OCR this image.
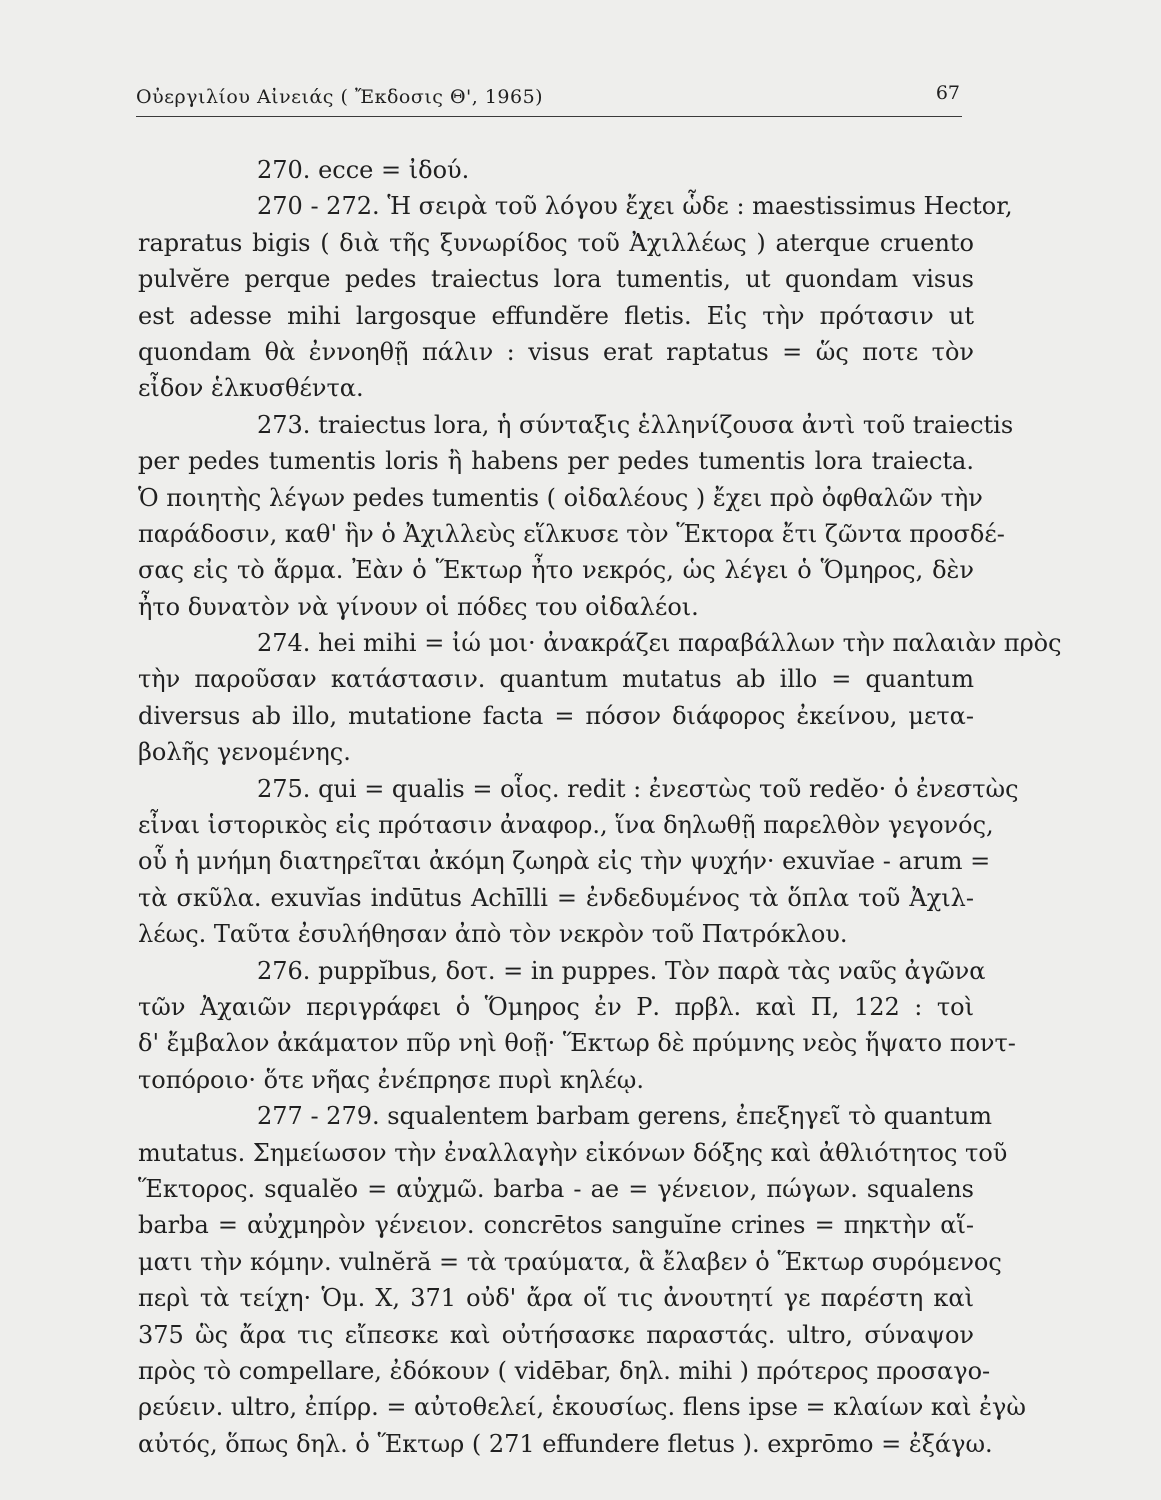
Οὐεργιλίου Αἰνειάς ( Ἔκδοσις Θ', 1965)	67
270. ecce = ἰδού.
270 - 272. Ἡ σειρὰ τοῦ λόγου ἔχει ὧδε : maestissimus Hector,
rapratus bigis ( διὰ τῆς ξυνωρίδος τοῦ Ἀχιλλέως ) aterque cruento
pulvĕre perque pedes traiectus lora tumentis, ut quondam visus
est adesse mihi largosque effundĕre fletis. Εἰς τὴν πρότασιν ut
quondam θὰ ἐννοηθῇ πάλιν : visus erat raptatus = ὥς ποτε τὸν
εἶδον ἑλκυσθέντα.
273. traiectus lora, ἡ σύνταξις ἑλληνίζουσα ἀντὶ τοῦ traiectis
per pedes tumentis loris ἢ habens per pedes tumentis lora traiecta.
Ὁ ποιητὴς λέγων pedes tumentis ( οἰδαλέους ) ἔχει πρὸ ὀφθαλῶν τὴν
παράδοσιν, καθ' ἣν ὁ Ἀχιλλεὺς εἵλκυσε τὸν Ἕκτορα ἔτι ζῶντα προσδέ-
σας εἰς τὸ ἅρμα. Ἐὰν ὁ Ἕκτωρ ἦτο νεκρός, ὡς λέγει ὁ Ὅμηρος, δὲν
ἦτο δυνατὸν νὰ γίνουν οἱ πόδες του οἰδαλέοι.
274. hei mihi = ἰώ μοι· ἀνακράζει παραβάλλων τὴν παλαιὰν πρὸς
τὴν παροῦσαν κατάστασιν. quantum mutatus ab illo = quantum
diversus ab illo, mutatione facta = πόσον διάφορος ἐκείνου, μετα-
βολῆς γενομένης.
275. qui = qualis = οἷος. redit : ἐνεστὼς τοῦ redĕo· ὁ ἐνεστὼς
εἶναι ἱστορικὸς εἰς πρότασιν ἀναφορ., ἵνα δηλωθῇ παρελθὸν γεγονός,
οὗ ἡ μνήμη διατηρεῖται ἀκόμη ζωηρὰ εἰς τὴν ψυχήν· exuvĭae - arum =
τὰ σκῦλα. exuvĭas indūtus Achīlli = ἐνδεδυμένος τὰ ὅπλα τοῦ Ἀχιλ-
λέως. Ταῦτα ἐσυλήθησαν ἀπὸ τὸν νεκρὸν τοῦ Πατρόκλου.
276. puppĭbus, δοτ. = in puppes. Τὸν παρὰ τὰς ναῦς ἀγῶνα
τῶν Ἀχαιῶν περιγράφει ὁ Ὅμηρος ἐν Ρ. πρβλ. καὶ Π, 122 : τοὶ
δ' ἔμβαλον ἀκάματον πῦρ νηὶ θοῇ· Ἕκτωρ δὲ πρύμνης νεὸς ἥψατο ποντ-
τοπόροιο· ὅτε νῆας ἐνέπρησε πυρὶ κηλέῳ.
277 - 279. squalentem barbam gerens, ἐπεξηγεῖ τὸ quantum
mutatus. Σημείωσον τὴν ἐναλλαγὴν εἰκόνων δόξης καὶ ἀθλιότητος τοῦ
Ἕκτορος. squalĕo = αὐχμῶ. barba - ae = γένειον, πώγων. squalens
barba = αὐχμηρὸν γένειον. concrētos sanguĭne crines = πηκτὴν αἵ-
ματι τὴν κόμην. vulnĕră = τὰ τραύματα, ἃ ἔλαβεν ὁ Ἕκτωρ συρόμενος
περὶ τὰ τείχη· Ὁμ. Χ, 371 οὐδ' ἄρα οἵ τις ἀνουτητί γε παρέστη καὶ
375 ὣς ἄρα τις εἴπεσκε καὶ οὐτήσασκε παραστάς. ultro, σύναψον
πρὸς τὸ compellare, ἐδόκουν ( vidēbar, δηλ. mihi ) πρότερος προσαγο-
ρεύειν. ultro, ἐπίρρ. = αὐτοθελεί, ἑκουσίως. flens ipse = κλαίων καὶ ἐγὼ
αὐτός, ὅπως δηλ. ὁ Ἕκτωρ ( 271 effundere fletus ). exprōmo = ἐξάγω.
